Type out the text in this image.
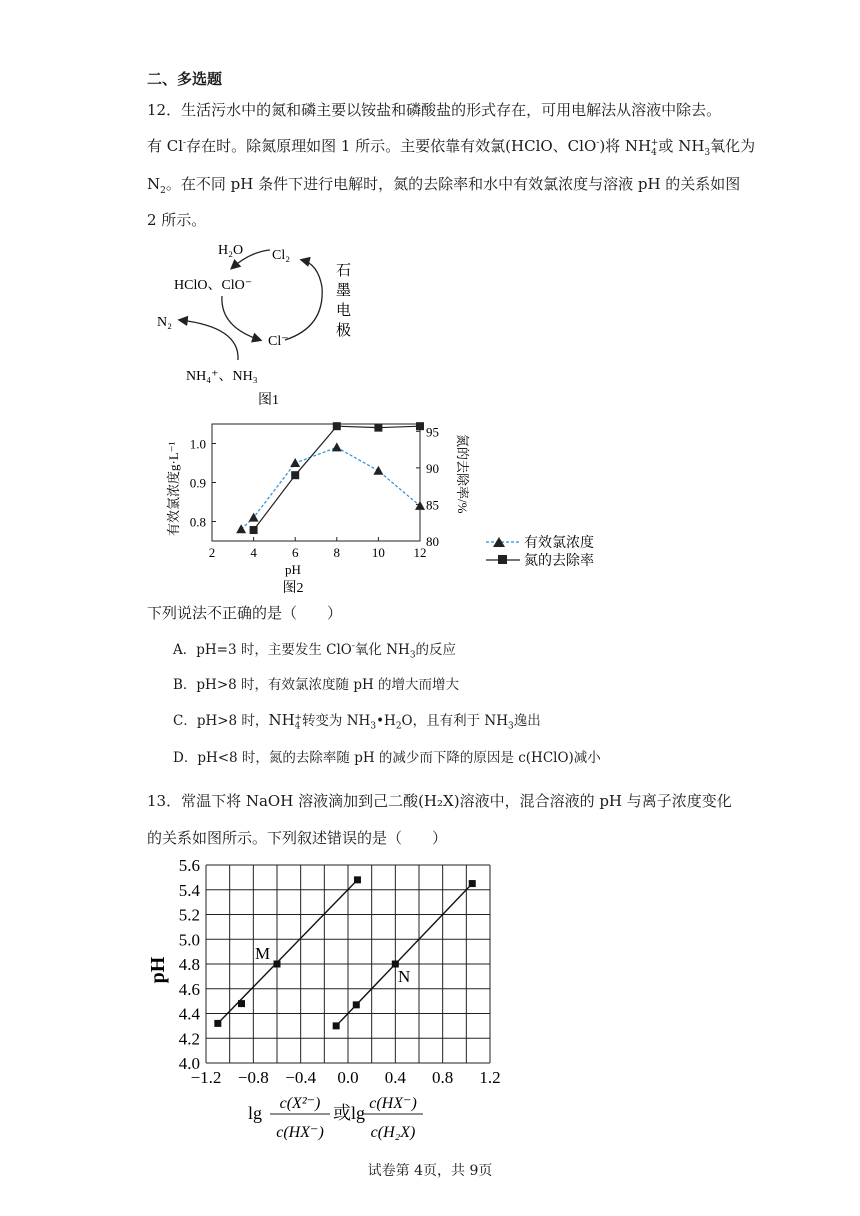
二、多选题
12．生活污水中的氮和磷主要以铵盐和磷酸盐的形式存在，可用电解法从溶液中除去。
有 Cl-存在时。除氮原理如图 1 所示。主要依靠有效氯(HClO、ClO-)将 $NH_4^+$或 $NH_3$氧化为
$N_2$。在不同 pH 条件下进行电解时，氮的去除率和水中有效氯浓度与溶液 pH 的关系如图
2 所示。
H₂O Cl₂
HClO、ClO⁻
N₂
Cl⁻
NH₄⁺、NH₃
石
墨
电
极
图1
2	4	6	8 10 12
0.8
0.9
1.0
80
85
90
95
有效氯浓度g·L⁻¹	氮的去除率/%
pH
图2
有效氯浓度
氮的去除率
下列说法不正确的是（　　）
A．pH=3 时，主要发生 ClO-氧化 $NH_3$的反应
B．pH>8 时，有效氯浓度随 pH 的增大而增大
C．pH>8 时，$NH_4^+$转变为 $NH_3•H_2O$，且有利于 $NH_3$逸出
D．pH<8 时，氮的去除率随 pH 的减少而下降的原因是 c(HClO)减小
13．常温下将 NaOH 溶液滴加到己二酸(H₂X)溶液中，混合溶液的 pH 与离子浓度变化
的关系如图所示。下列叙述错误的是（　　）
4.0
4.2
4.4
4.6
4.8
5.0
5.2
5.4
5.6
−1.2 −0.8 −0.4 0.0 0.4 0.8 1.2
pH
M
N
lg c(X²⁻)
c(HX⁻)
或lg c(HX⁻)
c(H₂X)
试卷第 4页，共 9页
